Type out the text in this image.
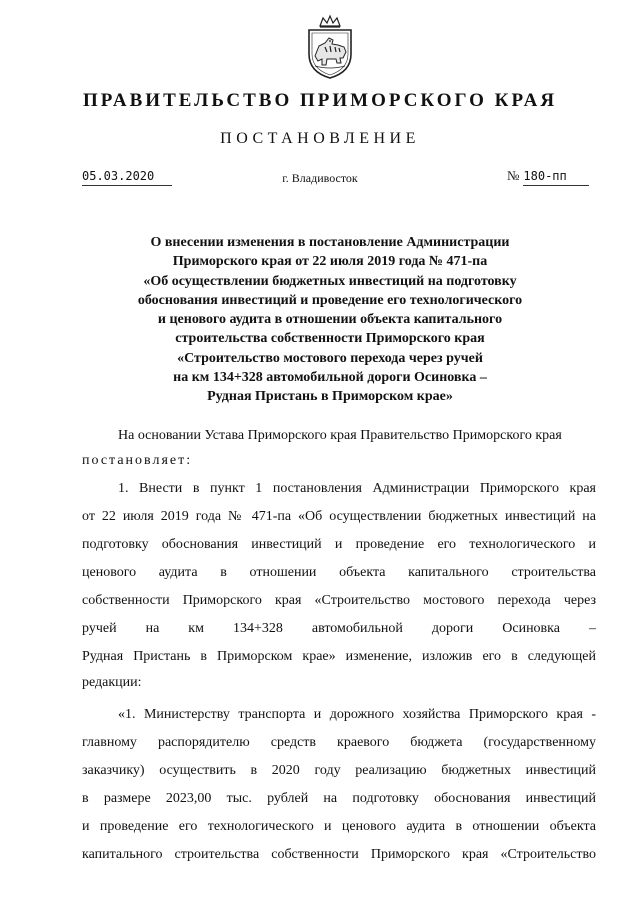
ПРАВИТЕЛЬСТВО ПРИМОРСКОГО КРАЯ
ПОСТАНОВЛЕНИЕ
05.03.2020	г. Владивосток	№ 180-пп
О внесении изменения в постановление Администрации
Приморского края от 22 июля 2019 года № 471-па
«Об осуществлении бюджетных инвестиций на подготовку
обоснования инвестиций и проведение его технологического
и ценового аудита в отношении объекта капитального
строительства собственности Приморского края
«Строительство мостового перехода через ручей
на км 134+328 автомобильной дороги Осиновка –
Рудная Пристань в Приморском крае»
На основании Устава Приморского края Правительство Приморского края
постановляет:
1. Внести в пункт 1 постановления Администрации Приморского края
от 22 июля 2019 года № 471-па «Об осуществлении бюджетных инвестиций на
подготовку обоснования инвестиций и проведение его технологического и
ценового аудита в отношении объекта капитального строительства
собственности Приморского края «Строительство мостового перехода через
ручей на км 134+328 автомобильной дороги Осиновка –
Рудная Пристань в Приморском крае» изменение, изложив его в следующей
редакции:
«1. Министерству транспорта и дорожного хозяйства Приморского края -
главному распорядителю средств краевого бюджета (государственному
заказчику) осуществить в 2020 году реализацию бюджетных инвестиций
в размере 2023,00 тыс. рублей на подготовку обоснования инвестиций
и проведение его технологического и ценового аудита в отношении объекта
капитального строительства собственности Приморского края «Строительство
